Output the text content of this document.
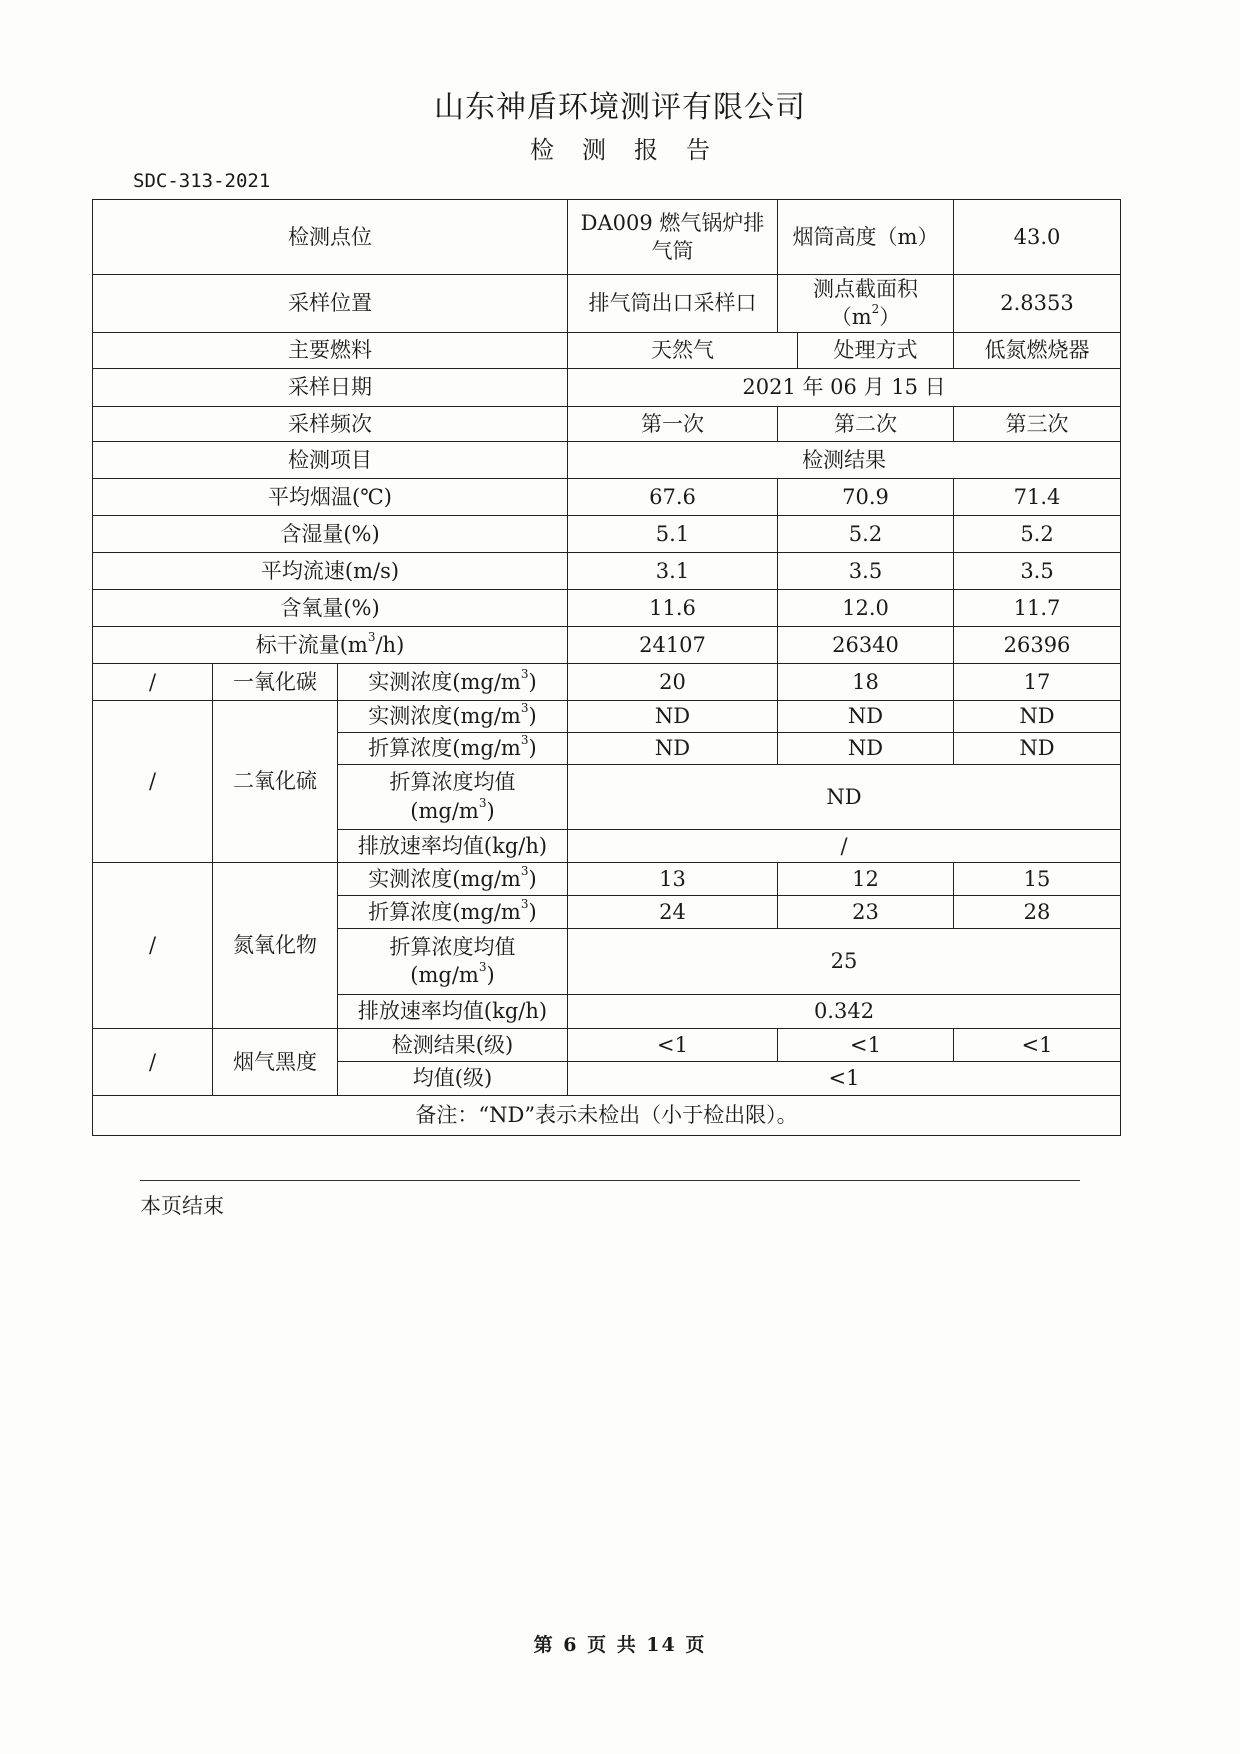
山东神盾环境测评有限公司
检测报告
SDC-313-2021
检测点位			DA009 燃气锅炉排气筒	烟筒高度（m）		43.0
采样位置			排气筒出口采样口	测点截面积$(m^2)$		2.8353
主要燃料			天然气		处理方式	低氮燃烧器
采样日期			2021 年 06 月 15 日			
采样频次			第一次	第二次		第三次
检测项目			检测结果			
平均烟温(℃)			67.6	70.9		71.4
含湿量(%)			5.1	5.2		5.2
平均流速(m/s)			3.1	3.5		3.5
含氧量(%)			11.6	12.0		11.7
标干流量$(m^3/h)$			24107	26340		26396
/	一氧化碳	实测浓度$(mg/m^3)$	20	18		17
/	二氧化硫	实测浓度$(mg/m^3)$	ND	ND		ND
		折算浓度$(mg/m^3)$	ND	ND		ND
		折算浓度均值
$(mg/m^3)$	ND			
		排放速率均值(kg/h)	/			
/	氮氧化物	实测浓度$(mg/m^3)$	13	12		15
		折算浓度$(mg/m^3)$	24	23		28
		折算浓度均值
$(mg/m^3)$	25			
		排放速率均值(kg/h)	0.342			
/	烟气黑度	检测结果(级)	<1	<1		<1
		均值(级)	<1			
备注：“ND”表示未检出（小于检出限）。						
本页结束
第 6 页 共 14 页
